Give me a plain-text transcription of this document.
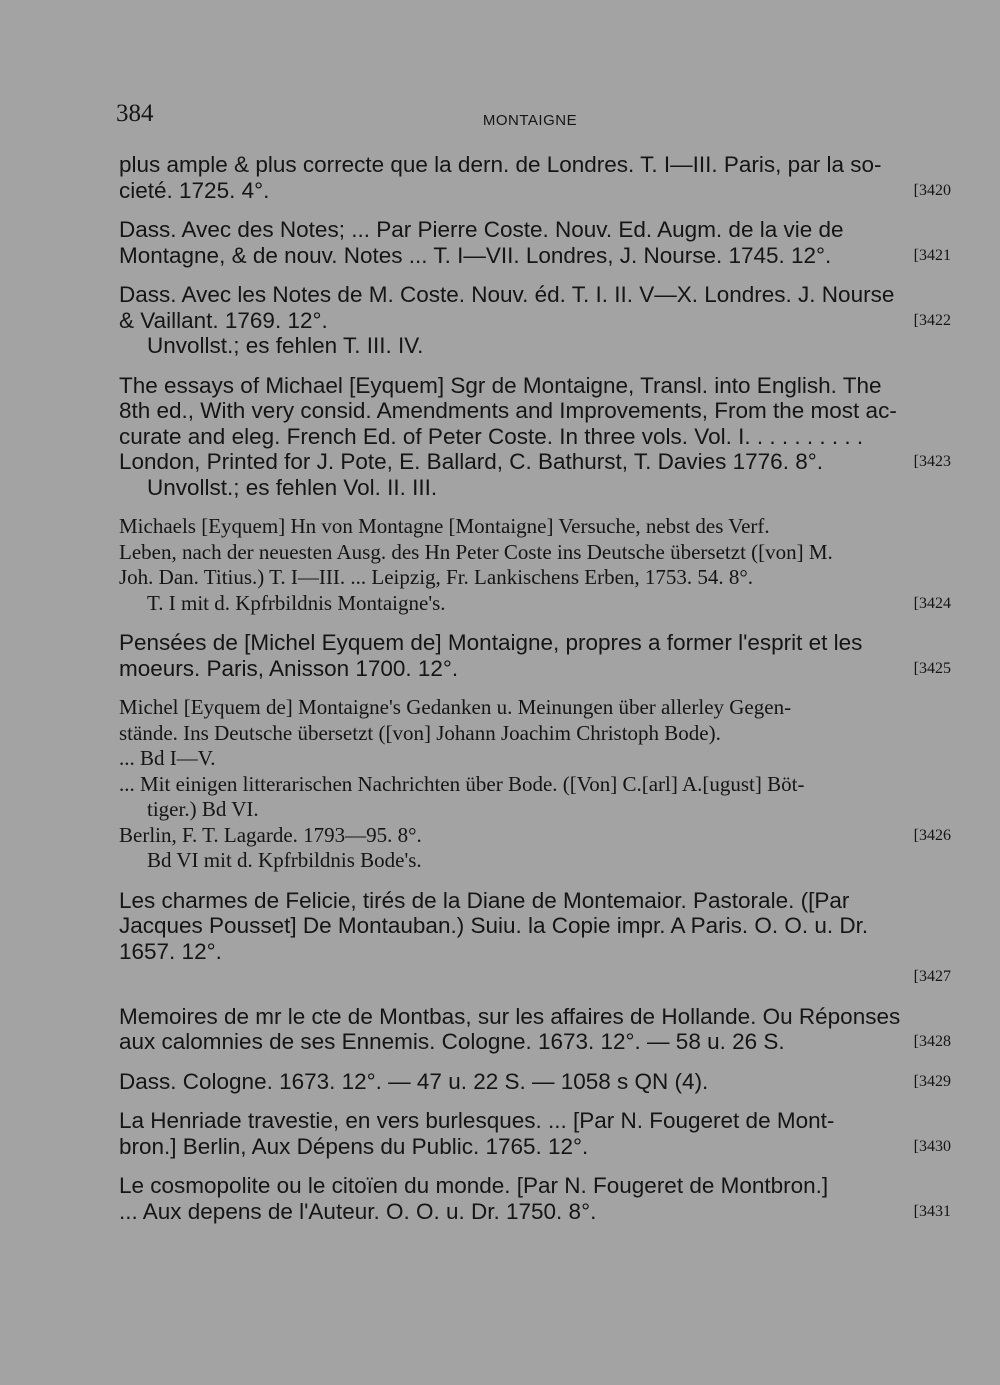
384	MONTAIGNE
plus ample & plus correcte que la dern. de Londres. T. I—III. Paris, par la so-
cieté. 1725. 4°.	[3420
Dass. Avec des Notes; ... Par Pierre Coste. Nouv. Ed. Augm. de la vie de
Montagne, & de nouv. Notes ... T. I—VII. Londres, J. Nourse. 1745. 12°.	[3421
Dass. Avec les Notes de M. Coste. Nouv. éd. T. I. II. V—X. Londres. J. Nourse
& Vaillant. 1769. 12°.	[3422
Unvollst.; es fehlen T. III. IV.
The essays of Michael [Eyquem] Sgr de Montaigne, Transl. into English. The
8th ed., With very consid. Amendments and Improvements, From the most ac-
curate and eleg. French Ed. of Peter Coste. In three vols. Vol. I. . . . . . . . . .
London, Printed for J. Pote, E. Ballard, C. Bathurst, T. Davies 1776. 8°.	[3423
Unvollst.; es fehlen Vol. II. III.
Michaels [Eyquem] Hn von Montagne [Montaigne] Versuche, nebst des Verf.
Leben, nach der neuesten Ausg. des Hn Peter Coste ins Deutsche übersetzt ([von] M.
Joh. Dan. Titius.) T. I—III. ... Leipzig, Fr. Lankischens Erben, 1753. 54. 8°.
T. I mit d. Kpfrbildnis Montaigne's.	[3424
Pensées de [Michel Eyquem de] Montaigne, propres a former l'esprit et les
moeurs. Paris, Anisson 1700. 12°.	[3425
Michel [Eyquem de] Montaigne's Gedanken u. Meinungen über allerley Gegen-
stände. Ins Deutsche übersetzt ([von] Johann Joachim Christoph Bode).
... Bd I—V.
... Mit einigen litterarischen Nachrichten über Bode. ([Von] C.[arl] A.[ugust] Böt-
tiger.) Bd VI.
Berlin, F. T. Lagarde. 1793—95. 8°.	[3426
Bd VI mit d. Kpfrbildnis Bode's.
Les charmes de Felicie, tirés de la Diane de Montemaior. Pastorale. ([Par
Jacques Pousset] De Montauban.) Suiu. la Copie impr. A Paris. O. O. u. Dr.
1657. 12°.
[3427
Memoires de mr le cte de Montbas, sur les affaires de Hollande. Ou Réponses
aux calomnies de ses Ennemis. Cologne. 1673. 12°. — 58 u. 26 S.	[3428
Dass. Cologne. 1673. 12°. — 47 u. 22 S. — 1058 s QN (4).	[3429
La Henriade travestie, en vers burlesques. ... [Par N. Fougeret de Mont-
bron.] Berlin, Aux Dépens du Public. 1765. 12°.	[3430
Le cosmopolite ou le citoïen du monde. [Par N. Fougeret de Montbron.]
... Aux depens de l'Auteur. O. O. u. Dr. 1750. 8°.	[3431
